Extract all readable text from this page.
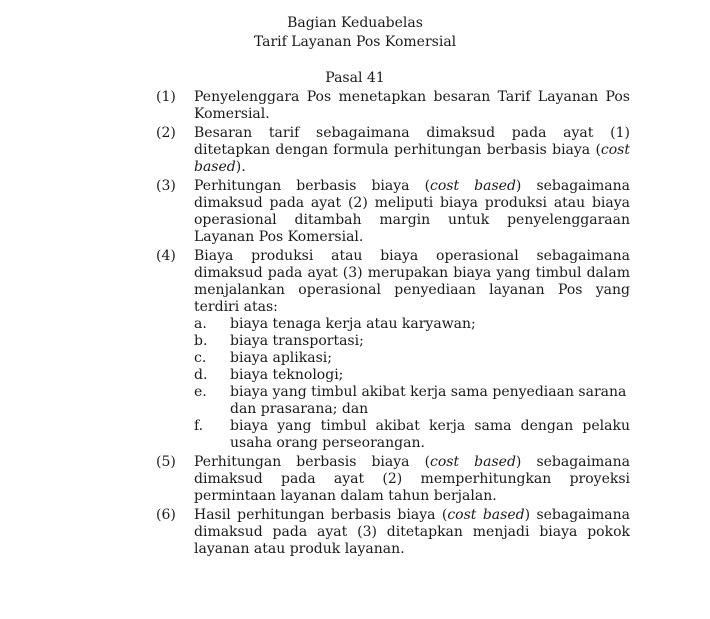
Bagian Keduabelas
Tarif Layanan Pos Komersial
Pasal 41
(1)	Penyelenggara Pos menetapkan besaran Tarif Layanan Pos Komersial.
(2)	Besaran tarif sebagaimana dimaksud pada ayat (1) ditetapkan dengan formula perhitungan berbasis biaya (cost based).
(3)	Perhitungan berbasis biaya (cost based) sebagaimana dimaksud pada ayat (2) meliputi biaya produksi atau biaya operasional ditambah margin untuk penyelenggaraan Layanan Pos Komersial.
(4)	Biaya produksi atau biaya operasional sebagaimana dimaksud pada ayat (3) merupakan biaya yang timbul dalam menjalankan operasional penyediaan layanan Pos yang terdiri atas:
a.	biaya tenaga kerja atau karyawan;
b.	biaya transportasi;
c.	biaya aplikasi;
d.	biaya teknologi;
e.	biaya yang timbul akibat kerja sama penyediaan sarana dan prasarana; dan
f.	biaya yang timbul akibat kerja sama dengan pelaku usaha orang perseorangan.
(5)	Perhitungan berbasis biaya (cost based) sebagaimana dimaksud pada ayat (2) memperhitungkan proyeksi permintaan layanan dalam tahun berjalan.
(6)	Hasil perhitungan berbasis biaya (cost based) sebagaimana dimaksud pada ayat (3) ditetapkan menjadi biaya pokok layanan atau produk layanan.
